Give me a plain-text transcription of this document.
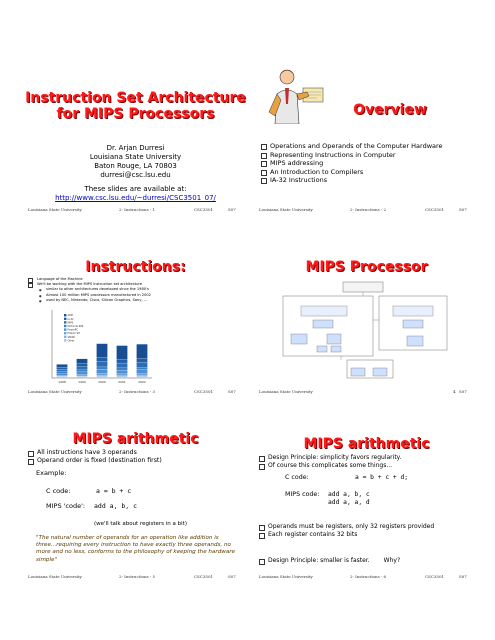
Instruction Set Architecture
for MIPS Processors
Dr. Arjan Durresi
Louisiana State University
Baton Rouge, LA 70803
durresi@csc.lsu.edu
These slides are available at:
http://www.csc.lsu.edu/~durresi/CSC3501_07/
Louisiana State University	2- Instructions - 1	CSC3501	S07
Overview
Operations and Operands of the Computer Hardware
Representing Instructions in Computer
MIPS addressing
An Introduction to Compilers
IA-32 Instructions
Louisiana State University	2- Instructions - 2	CSC3501	S07
Instructions:
Language of the Machine
We'll be working with the MIPS instruction set architecture
● similar to other architectures developed since the 1980's
● Almost 100 million MIPS processors manufactured in 2002
● used by NEC, Nintendo, Cisco, Silicon Graphics, Sony, ...
1998	1999	2000	2001	2002
ARM
IA-32
MIPS
Motorola 68K
PowerPC
Hitachi SH
SPARC
Other
Louisiana State University	2- Instructions - 3	CSC3501	S07
MIPS Processor
Louisiana State University	4 S07
MIPS arithmetic
All instructions have 3 operands
Operand order is fixed (destination first)
Example:
C code:	a = b + c
MIPS 'code': add a, b, c
(we'll talk about registers in a bit)
"The natural number of operands for an operation like addition is three...requiring every instruction to have exactly three operands, no more and no less, conforms to the philosophy of keeping the hardware simple"
Louisiana State University	2- Instructions - 5	CSC3501	S07
MIPS arithmetic
Design Principle: simplicity favors regularity.
Of course this complicates some things...
C code:	a = b + c + d;
MIPS code: add a, b, c
add a, a, d
Operands must be registers, only 32 registers provided
Each register contains 32 bits
Design Principle: smaller is faster. Why?
Louisiana State University	2- Instructions - 6	CSC3501	S07
